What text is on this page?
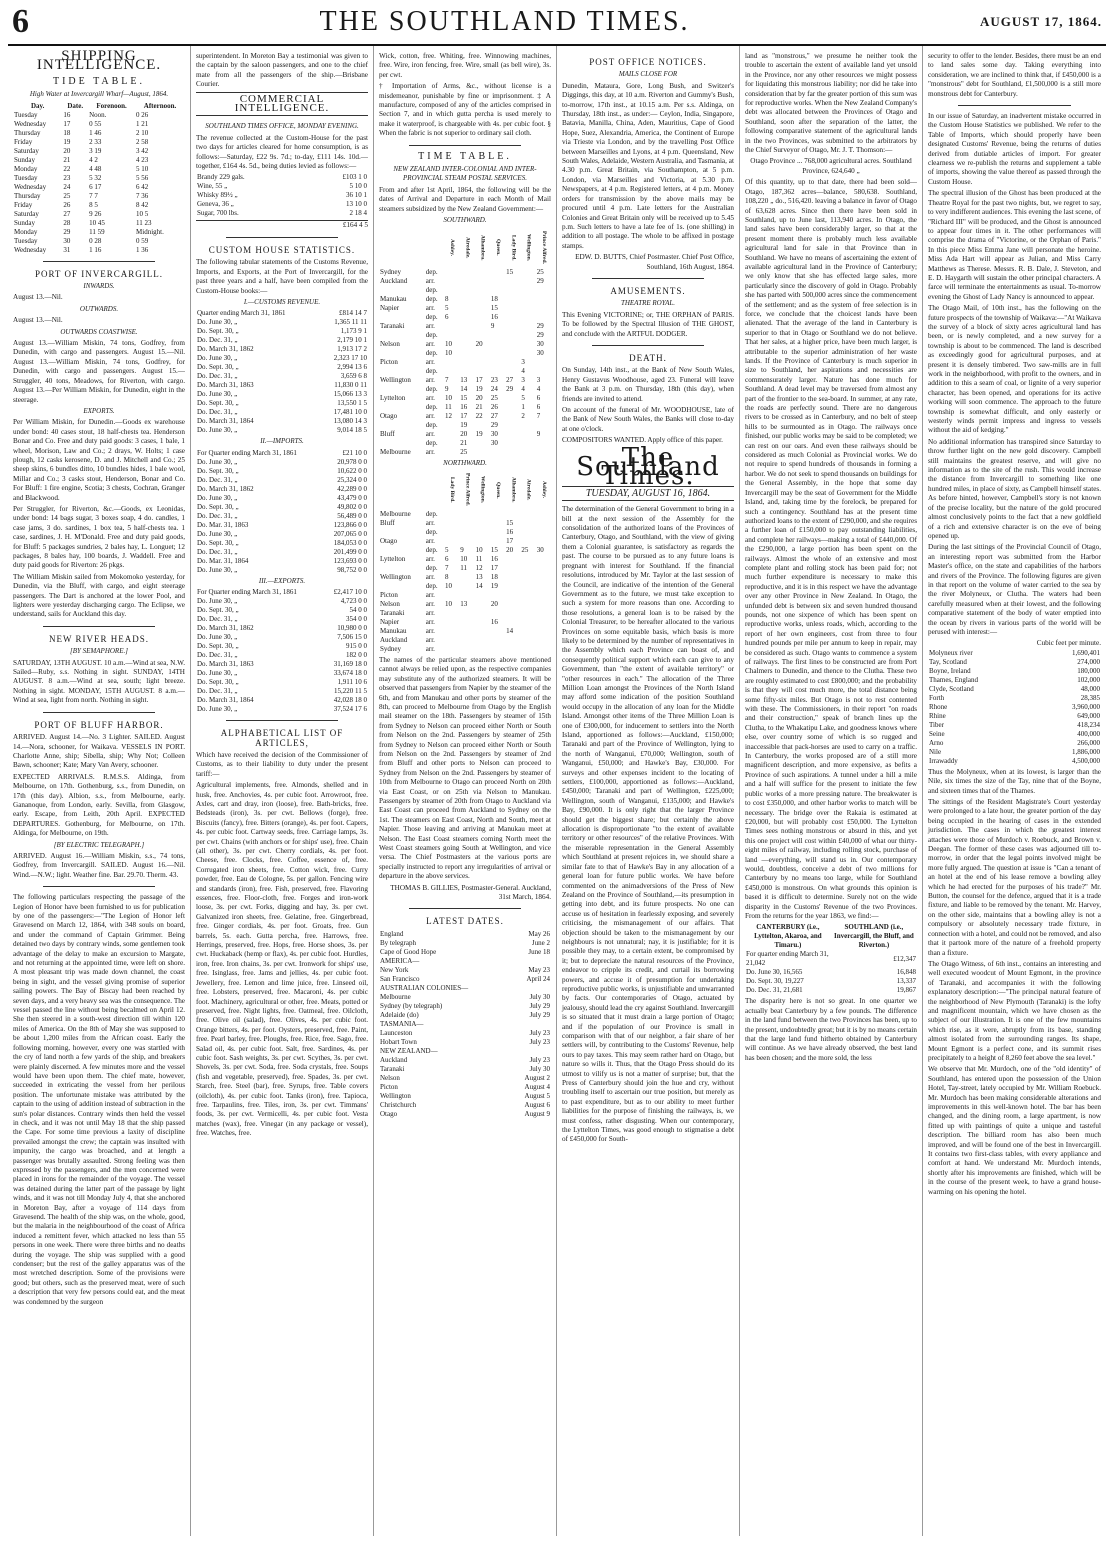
6	THE SOUTHLAND TIMES.	AUGUST 17, 1864.
SHIPPING INTELLIGENCE.
TIDE TABLE.
High Water at Invercargill Wharf—August, 1864.
Day.	Date.	Forenoon.	Afternoon.
Tuesday	16	Noon.	0 26
Wednesday	17	0 55	1 21
Thursday	18	1 46	2 10
Friday	19	2 33	2 58
Saturday	20	3 19	3 42
Sunday	21	4 2	4 23
Monday	22	4 48	5 10
Tuesday	23	5 32	5 56
Wednesday	24	6 17	6 42
Thursday	25	7 7	7 36
Friday	26	8 5	8 42
Saturday	27	9 26	10 5
Sunday	28	10 45	11 23
Monday	29	11 59	Midnight.
Tuesday	30	0 28	0 59
Wednesday	31	1 16	1 36
PORT OF INVERCARGILL.
INWARDS.
August 13.—Nil.
OUTWARDS.
August 13.—Nil.
OUTWARDS COASTWISE.
August 13.—William Miskin, 74 tons, Godfrey, from Dunedin, with cargo and passengers. August 15.—Nil. August 13.—William Miskin, 74 tons, Godfrey, for Dunedin, with cargo and passengers. August 15.—Struggler, 40 tons, Meadows, for Riverton, with cargo. August 13.—Per William Miskin, for Dunedin, eight in the steerage.
EXPORTS.
Per William Miskin, for Dunedin.—Goods ex warehouse under bond: 40 cases stout, 18 half-chests tea. Henderson Bonar and Co. Free and duty paid goods: 3 cases, 1 bale, 1 wheel, Morison, Law and Co.; 2 drays, W. Holts; 1 case plough, 12 casks kerosene, D. and J. Mitchell and Co.; 25 sheep skins, 6 bundles ditto, 10 bundles hides, 1 bale wool, Millar and Co.; 3 casks stout, Henderson, Bonar and Co. For Bluff: 1 fire engine, Scotia; 3 chests, Cochran, Granger and Blackwood.
Per Struggler, for Riverton, &c.—Goods, ex Leonidas, under bond: 14 bags sugar, 3 boxes soap, 4 do. candles, 1 case jams, 3 do. sardines, 1 box tea, 5 half-chests tea. 1 case, sardines, J. H. M'Donald. Free and duty paid goods, for Bluff: 5 packages sundries, 2 bales hay, L. Longuet; 12 packages, 8 bales hay, 100 boards, J. Waddell. Free and duty paid goods for Riverton: 26 pkgs.
The William Miskin sailed from Mokomoko yesterday, for Dunedin, via the Bluff, with cargo, and eight steerage passengers. The Dart is anchored at the lower Pool, and lighters were yesterday discharging cargo. The Eclipse, we understand, sails for Auckland this day.
NEW RIVER HEADS.
[BY SEMAPHORE.]
SATURDAY, 13TH AUGUST. 10 a.m.—Wind at sea, N.W. Sailed—Ruby, s.s. Nothing in sight. SUNDAY, 14TH AUGUST. 8 a.m.—Wind at sea, south; light breeze. Nothing in sight. MONDAY, 15TH AUGUST. 8 a.m.—Wind at sea, light from north. Nothing in sight.
PORT OF BLUFF HARBOR.
ARRIVED. August 14.—No. 3 Lighter. SAILED. August 14.—Nora, schooner, for Waikava. VESSELS IN PORT. Charlotte Anne, ship; Sibella, ship; Why Not; Colleen Bawn, schooner; Kate; Mary Van Avery, schooner.
EXPECTED ARRIVALS. R.M.S.S. Aldinga, from Melbourne, on 17th. Gothenburg, s.s., from Dunedin, on 17th (this day). Albion, s.s., from Melbourne, early. Gananoque, from London, early. Sevilla, from Glasgow, early. Escape, from Leith, 20th April. EXPECTED DEPARTURES. Gothenburg, for Melbourne, on 17th. Aldinga, for Melbourne, on 19th.
[BY ELECTRIC TELEGRAPH.]
ARRIVED. August 16.—William Miskin, s.s., 74 tons, Godfrey, from Invercargill. SAILED. August 16.—Nil. Wind.—N.W.; light. Weather fine. Bar. 29.70. Therm. 43.
The following particulars respecting the passage of the Legion of Honor have been furnished to us for publication by one of the passengers:—"The Legion of Honor left Gravesend on March 12, 1864, with 348 souls on board, and under the command of Captain Grimmer. Being detained two days by contrary winds, some gentlemen took advantage of the delay to make an excursion to Margate, and not returning at the appointed time, were left on shore. A most pleasant trip was made down channel, the coast being in sight, and the vessel giving promise of superior sailing powers. The Bay of Biscay had been reached by seven days, and a very heavy sea was the consequence. The vessel passed the line without being becalmed on April 12. She then steered in a south-west direction till within 120 miles of America. On the 8th of May she was supposed to be about 1,200 miles from the African coast. Early the following morning, however, every one was startled with the cry of land north a few yards of the ship, and breakers were plainly discerned. A few minutes more and the vessel would have been upon them. The chief mate, however, succeeded in extricating the vessel from her perilous position. The unfortunate mistake was attributed by the captain to the using of addition instead of subtraction in the sun's polar distances. Contrary winds then held the vessel in check, and it was not until May 18 that the ship passed the Cape. For some time previous a laxity of discipline prevailed amongst the crew; the captain was insulted with impunity, the cargo was broached, and at length a passenger was brutally assaulted. Strong feeling was then expressed by the passengers, and the men concerned were placed in irons for the remainder of the voyage. The vessel was detained during the latter part of the passage by light winds, and it was not till Monday July 4, that she anchored in Moreton Bay, after a voyage of 114 days from Gravesend. The health of the ship was, on the whole, good, but the malaria in the neighbourhood of the coast of Africa induced a remittent fever, which attacked no less than 55 persons in one week. There were three births and no deaths during the voyage. The ship was supplied with a good condenser; but the rest of the galley apparatus was of the most wretched description. Some of the provisions were good; but others, such as the preserved meat, were of such a description that very few persons could eat, and the meat was condemned by the surgeon
superintendent. In Moreton Bay a testimonial was given to the captain by the saloon passengers, and one to the chief mate from all the passengers of the ship.—Brisbane Courier.
COMMERCIAL INTELLIGENCE.
SOUTHLAND TIMES OFFICE, MONDAY EVENING.
The revenue collected at the Custom-House for the past two days for articles cleared for home consumption, is as follows:—Saturday, £22 9s. 7d.; to-day, £111 14s. 10d.—together, £164 4s. 5d., being duties levied as follows:—
Brandy 229 gals.	£103 1 0
Wine, 55 „	5 10 0
Whisky 89½ „	36 10 1
Geneva, 36 „	13 10 0
Sugar, 700 lbs.	2 18 4
£164 4 5
CUSTOM HOUSE STATISTICS.
The following tabular statements of the Customs Revenue, Imports, and Exports, at the Port of Invercargill, for the past three years and a half, have been compiled from the Custom-House books:—
I.—CUSTOMS REVENUE.
Quarter ending March 31, 1861	£814 14 7
Do. June 30, „	1,365 11 11
Do. Sept. 30, „	1,173 9 1
Do. Dec. 31, „	2,179 10 1
Do. March 31, 1862	1,913 17 2
Do. June 30, „	2,323 17 10
Do. Sept. 30, „	2,994 13 6
Do. Dec. 31, „	3,659 6 8
Do. March 31, 1863	11,830 0 11
Do. June 30, „	15,066 13 3
Do. Sept. 30, „	13,550 1 5
Do. Dec. 31, „	17,481 10 0
Do. March 31, 1864	13,080 14 3
Do. June 30, „	9,014 18 5
II.—IMPORTS.
For Quarter ending March 31, 1861	£21 10 0
Do. June 30, „	20,978 0 0
Do. Sept. 30, „	10,622 0 0
Do. Dec. 31, „	25,324 0 0
Do. March 31, 1862	42,289 0 0
Do. June 30, „	43,479 0 0
Do. Sept. 30, „	49,802 0 0
Do. Dec. 31, „	56,489 0 0
Do. Mar. 31, 1863	123,866 0 0
Do. June 30, „	207,065 0 0
Do. Sept. 30, „	184,053 0 0
Do. Dec. 31, „	201,499 0 0
Do. Mar. 31, 1864	123,693 0 0
Do. June 30, „	98,752 0 0
III.—EXPORTS.
For Quarter ending March 31, 1861	£2,417 10 0
Do. June 30, „	4,723 0 0
Do. Sept. 30, „	54 0 0
Do. Dec. 31, „	354 0 0
Do. March 31, 1862	10,980 0 0
Do. June 30, „	7,506 15 0
Do. Sept. 30, „	915 0 0
Do. Dec. 31, „	182 0 0
Do. March 31, 1863	31,169 18 0
Do. June 30, „	33,674 18 0
Do. Sept. 30, „	1,911 10 6
Do. Dec. 31, „	15,220 11 5
Do. March 31, 1864	42,028 18 0
Do. June 30, „	37,524 17 6
ALPHABETICAL LIST OF ARTICLES,
Which have received the decision of the Commissioner of Customs, as to their liability to duty under the present tariff:—
Agricultural implements, free. Almonds, shelled and in husk, free. Anchovies, 4s. per cubic foot. Arrowroot, free. Axles, cart and dray, iron (loose), free. Bath-bricks, free. Bedsteads (iron), 3s. per cwt. Bellows (forge), free. Biscuits (fancy), free. Bitters (orange), 4s. per foot. Capers, 4s. per cubic foot. Cartway seeds, free. Carriage lamps, 3s. per cwt. Chains (with anchors or for ships' use), free. Chain (all other), 3s. per cwt. Cherry cordials, 4s. per foot. Cheese, free. Clocks, free. Coffee, essence of, free. Corrugated iron sheets, free. Cotton wick, free. Curry powder, free. Eau de Cologne, 5s. per gallon. Fencing wire and standards (iron), free. Fish, preserved, free. Flavoring essences, free. Floor-cloth, free. Forges and iron-work loose, 3s. per cwt. Forks, digging and hay, 3s. per cwt. Galvanized iron sheets, free. Gelatine, free. Gingerbread, free. Ginger cordials, 4s. per foot. Groats, free. Gun barrels, 5s. each. Gutta percha, free. Harrows, free. Herrings, preserved, free. Hops, free. Horse shoes, 3s. per cwt. Huckaback (hemp or flax), 4s. per cubic foot. Hurdles, iron, free. Iron chains, 3s. per cwt. Ironwork for ships' use, free. Isinglass, free. Jams and jellies, 4s. per cubic foot. Jewellery, free. Lemon and lime juice, free. Linseed oil, free. Lobsters, preserved, free. Macaroni, 4s. per cubic foot. Machinery, agricultural or other, free. Meats, potted or preserved, free. Night lights, free. Oatmeal, free. Oilcloth, free. Olive oil (salad), free. Olives, 4s. per cubic foot. Orange bitters, 4s. per foot. Oysters, preserved, free. Paint, free. Pearl barley, free. Ploughs, free. Rice, free. Sago, free. Salad oil, 4s. per cubic foot. Salt, free. Sardines, 4s. per cubic foot. Sash weights, 3s. per cwt. Scythes, 3s. per cwt. Shovels, 3s. per cwt. Soda, free. Soda crystals, free. Soups (fish and vegetable, preserved), free. Spades, 3s. per cwt. Starch, free. Steel (bar), free. Syrups, free. Table covers (oilcloth), 4s. per cubic foot. Tanks (iron), free. Tapioca, free. Tarpaulins, free. Tiles, iron, 3s. per cwt. Timmans' foods, 3s. per cwt. Vermicelli, 4s. per cubic foot. Vesta matches (wax), free. Vinegar (in any package or vessel), free. Watches, free.
Wick, cotton, free. Whiting, free. Winnowing machines, free. Wire, iron fencing, free. Wire, small (as bell wire), 3s. per cwt.
† Importation of Arms, &c., without license is a misdemeanor, punishable by fine or imprisonment. ‡ A manufacture, composed of any of the articles comprised in Section 7, and in which gutta percha is used merely to make it waterproof, is chargeable with 4s. per cubic foot. § When the fabric is not superior to ordinary sail cloth.
TIME TABLE.
NEW ZEALAND INTER-COLONIAL AND INTER-PROVINCIAL STEAM POSTAL SERVICES.
From and after 1st April, 1864, the following will be the dates of Arrival and Departure in each Month of Mail steamers subsidized by the New Zealand Government:—
SOUTHWARD.
		Ashley.	Airedale.	Alhambra.	Queen.	Lady Bird.	Wellington.	Prince Alfred.
Sydney	dep.					15		25
Auckland	arr.							29
	dep.							
Manukau	dep.	8			18			
Napier	arr.	5			15			
	dep.	6			16			
Taranaki	arr.				9			29
	dep.							29
Nelson	arr.	10		20				30
	dep.	10						30
Picton	arr.						3	
	dep.						4	
Wellington	arr.	7	13	17	23	27	3	3
	dep.	9	14	19	24	29	4	4
Lyttelton	arr.	10	15	20	25		5	6
	dep.	11	16	21	26		1	6
Otago	arr.	12	17	22	27		2	7
	dep.		19		29			
Bluff	arr.		20	19	30			9
	dep.		21		30			
Melbourne	arr.		25					
NORTHWARD.
		Lady Bird.	Prince Alfred.	Wellington.	Queen.	Alhambra.	Airedale.	Ashley.
Melbourne	dep.							
Bluff	arr.					15		
	dep.					16		
Otago	arr.					17		
	dep.	5	9	10	15	20	25	30
Lyttelton	arr.	6	10	11	16			
	dep.	7	11	12	17			
Wellington	arr.	8		13	18			
	dep.	10		14	19			
Picton	arr.							
Nelson	arr.	10	13		20			
Taranaki	arr.							
Napier	arr.				16			
Manukau	arr.					14		
Auckland	arr.							
Sydney	arr.							
The names of the particular steamers above mentioned cannot always be relied upon, as the respective companies may substitute any of the authorized steamers. It will be observed that passengers from Napier by the steamer of the 6th, and from Manukau and other ports by steamer of the 8th, can proceed to Melbourne from Otago by the English mail steamer on the 18th. Passengers by steamer of 15th from Sydney to Nelson can proceed either North or South from Nelson on the 2nd. Passengers by steamer of 25th from Sydney to Nelson can proceed either North or South from Nelson on the 2nd. Passengers by steamer of 2nd from Bluff and other ports to Nelson can proceed to Sydney from Nelson on the 2nd. Passengers by steamer of 10th from Melbourne to Otago can proceed North on 20th via East Coast, or on 25th via Nelson to Manukau. Passengers by steamer of 20th from Otago to Auckland via East Coast can proceed from Auckland to Sydney on the 1st. The steamers on East Coast, North and South, meet at Napier. Those leaving and arriving at Manukau meet at Nelson. The East Coast steamers coming North meet the West Coast steamers going South at Wellington, and vice versa. The Chief Postmasters at the various ports are specially instructed to report any irregularities of arrival or departure in the above services.
THOMAS B. GILLIES, Postmaster-General. Auckland, 31st March, 1864.
LATEST DATES.
England	May 26
By telegraph	June 2
Cape of Good Hope	June 18
AMERICA—	
New York	May 23
San Francisco	April 24
AUSTRALIAN COLONIES—	
Melbourne	July 30
Sydney (by telegraph)	July 29
Adelaide (do)	July 29
TASMANIA—	
Launceston	July 23
Hobart Town	July 23
NEW ZEALAND—	
Auckland	July 23
Taranaki	July 30
Nelson	August 2
Picton	August 4
Wellington	August 5
Christchurch	August 6
Otago	August 9
POST OFFICE NOTICES.
MAILS CLOSE FOR
Dunedin, Mataura, Gore, Long Bush, and Switzer's Diggings, this day, at 10 a.m. Riverton and Gummy's Bush, to-morrow, 17th inst., at 10.15 a.m. Per s.s. Aldinga, on Thursday, 18th inst., as under:— Ceylon, India, Singapore, Batavia, Manilla, China, Aden, Mauritius, Cape of Good Hope, Suez, Alexandria, America, the Continent of Europe via Trieste via London, and by the travelling Post Office between Marseilles and Lyons, at 4 p.m. Queensland, New South Wales, Adelaide, Western Australia, and Tasmania, at 4.30 p.m. Great Britain, via Southampton, at 5 p.m. London, via Marseilles and Victoria, at 5.30 p.m. Newspapers, at 4 p.m. Registered letters, at 4 p.m. Money orders for transmission by the above mails may be procured until 4 p.m. Late letters for the Australian Colonies and Great Britain only will be received up to 5.45 p.m. Such letters to have a late fee of 1s. (one shilling) in addition to all postage. The whole to be affixed in postage stamps.
EDW. D. BUTTS, Chief Postmaster. Chief Post Office, Southland, 16th August, 1864.
AMUSEMENTS.
THEATRE ROYAL.
This Evening VICTORINE; or, THE ORPHAN of PARIS. To be followed by the Spectral Illusion of THE GHOST, and conclude with the ARTFUL DODGER.
DEATH.
On Sunday, 14th inst., at the Bank of New South Wales, Henry Gustavus Woodhouse, aged 23. Funeral will leave the Bank at 3 p.m. on Thursday, 18th (this day), when friends are invited to attend.
On account of the funeral of Mr. WOODHOUSE, late of the Bank of New South Wales, the Banks will close to-day at one o'clock.
COMPOSITORS WANTED. Apply office of this paper.
The Southland Times.
TUESDAY, AUGUST 16, 1864.
The determination of the General Government to bring in a bill at the next session of the Assembly for the consolidation of the authorized loans of the Provinces of Canterbury, Otago, and Southland, with the view of giving them a Colonial guarantee, is satisfactory as regards the past. The course to be pursued as to any future loans is pregnant with interest for Southland. If the financial resolutions, introduced by Mr. Taylor at the last session of the Council, are indicative of the intention of the General Government as to the future, we must take exception to such a system for more reasons than one. According to those resolutions, a general loan is to be raised by the Colonial Treasurer, to be hereafter allocated to the various Provinces on some equitable basis, which basis is more likely to be determined by the number of representatives in the Assembly which each Province can boast of, and consequently political support which each can give to any Government, than "the extent of available territory" or "other resources in each." The allocation of the Three Million Loan amongst the Provinces of the North Island may afford some indication of the position Southland would occupy in the allocation of any loan for the Middle Island. Amongst other items of the Three Million Loan is one of £300,000, for inducement to settlers into the North Island, apportioned as follows:—Auckland, £150,000; Taranaki and part of the Province of Wellington, lying to the north of Wanganui, £70,000; Wellington, south of Wanganui, £50,000; and Hawke's Bay, £30,000. For surveys and other expenses incident to the locating of settlers, £100,000, apportioned as follows:—Auckland, £450,000; Taranaki and part of Wellington, £225,000; Wellington, south of Wanganui, £135,000; and Hawke's Bay, £90,000. It is only right that the larger Province should get the biggest share; but certainly the above allocation is disproportionate "to the extent of available territory or other resources" of the relative Provinces. With the miserable representation in the General Assembly which Southland at present rejoices in, we should share a similar fate to that of Hawke's Bay in any allocation of a general loan for future public works. We have before commented on the animadversions of the Press of New Zealand on the Province of Southland,—its presumption in getting into debt, and its future prospects. No one can accuse us of hesitation in fearlessly exposing, and severely criticising, the mismanagement of our affairs. That objection should be taken to the mismanagement by our neighbours is not unnatural; nay, it is justifiable; for it is possible they may, to a certain extent, be compromised by it; but to depreciate the natural resources of the Province, endeavor to cripple its credit, and curtail its borrowing powers, and accuse it of presumption for undertaking reproductive public works, is unjustifiable and unwarranted by facts. Our contemporaries of Otago, actuated by jealousy, should lead the cry against Southland. Invercargill is so situated that it must drain a large portion of Otago; and if the population of our Province is small in comparison with that of our neighbor, a fair share of her settlers will, by contributing to the Customs' Revenue, help ours to pay taxes. This may seem rather hard on Otago, but nature so wills it. Thus, that the Otago Press should do its utmost to vilify us is not a matter of surprise; but, that the Press of Canterbury should join the hue and cry, without troubling itself to ascertain our true position, but merely as to past expenditure, but as to our ability to meet further liabilities for the purpose of finishing the railways, is, we must confess, rather disgusting. When our contemporary, the Lyttelton Times, was good enough to stigmatise a debt of £450,000 for South-
land as "monstrous," we presume he neither took the trouble to ascertain the extent of available land yet unsold in the Province, nor any other resources we might possess for liquidating this monstrous liability; nor did he take into consideration that by far the greater portion of this sum was for reproductive works. When the New Zealand Company's debt was allocated between the Provinces of Otago and Southland, soon after the separation of the latter, the following comparative statement of the agricultural lands in the two Provinces, was submitted to the arbitrators by the Chief Surveyor of Otago, Mr. J. T. Thomson:—
Otago Province ... 768,000 agricultural acres. Southland Province, 624,640 „
Of this quantity, up to that date, there had been sold— Otago, 187,362 acres—balance, 580,638. Southland, 108,220 „ do., 516,420. leaving a balance in favor of Otago of 63,628 acres. Since then there have been sold in Southland, up to June last, 113,940 acres. In Otago, the land sales have been considerably larger, so that at the present moment there is probably much less available agricultural land for sale in that Province than in Southland. We have no means of ascertaining the extent of available agricultural land in the Province of Canterbury; we only know that she has effected large sales, more particularly since the discovery of gold in Otago. Probably she has parted with 500,000 acres since the commencement of the settlement; and as the system of free selection is in force, we conclude that the choicest lands have been alienated. That the average of the land in Canterbury is superior to that in Otago or Southland we do not believe. That her sales, at a higher price, have been much larger, is attributable to the superior administration of her waste lands. If the Province of Canterbury is much superior in size to Southland, her aspirations and necessities are commensurately larger. Nature has done much for Southland. A dead level may be traversed from almost any part of the frontier to the sea-board. In summer, at any rate, the roads are perfectly sound. There are no dangerous rivers to be crossed as in Canterbury, and no belt of steep hills to be surmounted as in Otago. The railways once finished, our public works may be said to be completed; we can rest on our oars. And even these railways should be considered as much Colonial as Provincial works. We do not require to spend hundreds of thousands in forming a harbor. We do not seek to spend thousands on buildings for the General Assembly, in the hope that some day Invercargill may be the seat of Government for the Middle Island, and, taking time by the forelock, be prepared for such a contingency. Southland has at the present time authorized loans to the extent of £290,000, and she requires a further loan of £150,000 to pay outstanding liabilities, and complete her railways—making a total of £440,000. Of the £290,000, a large portion has been spent on the railways. Almost the whole of an extensive and most complete plant and rolling stock has been paid for; not much further expenditure is necessary to make this reproductive, and it is in this respect we have the advantage over any other Province in New Zealand. In Otago, the unfunded debt is between six and seven hundred thousand pounds, not one sixpence of which has been spent on reproductive works, unless roads, which, according to the report of her own engineers, cost from three to four hundred pounds per mile per annum to keep in repair, may be considered as such. Otago wants to commence a system of railways. The first lines to be constructed are from Port Chalmers to Dunedin, and thence to the Clutha. These two are roughly estimated to cost £800,000; and the probability is that they will cost much more, the total distance being some fifty-six miles. But Otago is not to rest contented with these. The Commissioners, in their report "on roads and their construction," speak of branch lines up the Clutha, to the Whakatipu Lake, and goodness knows where else, over country some of which is so rugged and inaccessible that pack-horses are used to carry on a traffic. In Canterbury, the works proposed are of a still more magnificent description, and more expensive, as befits a Province of such aspirations. A tunnel under a hill a mile and a half will suffice for the present to initiate the few public works of a more pressing nature. The breakwater is to cost £350,000, and other harbor works to match will be necessary. The bridge over the Rakaia is estimated at £20,000, but will probably cost £50,000. The Lyttelton Times sees nothing monstrous or absurd in this, and yet this one project will cost within £40,000 of what our thirty-eight miles of railway, including rolling stock, purchase of land —everything, will stand us in. Our contemporary would, doubtless, conceive a debt of two millions for Canterbury by no means too large, while for Southland £450,000 is monstrous. On what grounds this opinion is based it is difficult to determine. Surely not on the wide disparity in the Customs' Revenue of the two Provinces. From the returns for the year 1863, we find:—
CANTERBURY (i.e., Lyttelton, Akaroa, and Timaru.)	SOUTHLAND (i.e., Invercargill, the Bluff, and Riverton.)
For quarter ending March 31, 21,042	£12,347
Do. June 30, 16,565	16,848
Do. Sept. 30, 19,227	13,337
Do. Dec. 31, 21,681	19,867
The disparity here is not so great. In one quarter we actually beat Canterbury by a few pounds. The difference in the land fund between the two Provinces has been, up to the present, undoubtedly great; but it is by no means certain that the large land fund hitherto obtained by Canterbury will continue. As we have already observed, the best land has been chosen; and the more sold, the less
security to offer to the lender. Besides, there must be an end to land sales some day. Taking everything into consideration, we are inclined to think that, if £450,000 is a "monstrous" debt for Southland, £1,500,000 is a still more monstrous debt for Canterbury.
In our issue of Saturday, an inadvertent mistake occurred in the Custom House Statistics we published. We refer to the Table of Imports, which should properly have been designated Customs' Revenue, being the returns of duties derived from dutiable articles of import. For greater clearness we re-publish the returns and supplement a table of imports, showing the value thereof as passed through the Custom House.
The spectral illusion of the Ghost has been produced at the Theatre Royal for the past two nights, but, we regret to say, to very indifferent audiences. This evening the last scene, of "Richard III" will be produced, and the Ghost is announced to appear four times in it. The other performances will comprise the drama of "Victorine, or the Orphan of Paris." In this piece Miss Emma Jane will personate the heroine. Miss Ada Hart will appear as Julian, and Miss Carry Matthews as Therese. Messrs. R. B. Dale, J. Steveton, and E. D. Haygarth will sustain the other principal characters. A farce will terminate the entertainments as usual. To-morrow evening the Ghost of Lady Nancy is announced to appear.
The Otago Mail, of 10th inst., has the following on the future prospects of the township of Waikava:—"At Waikava the survey of a block of sixty acres agricultural land has been, or is newly completed, and a new survey for a township is about to be commenced. The land is described as exceedingly good for agricultural purposes, and at present it is densely timbered. Two saw-mills are in full work in the neighborhood, with profit to the owners, and in addition to this a seam of coal, or lignite of a very superior character, has been opened, and operations for its active working will soon commence. The approach to the future township is somewhat difficult, and only easterly or westerly winds permit impress and ingress to vessels without the aid of kedging."
No additional information has transpired since Saturday to throw further light on the new gold discovery. Campbell still maintains the greatest reserve, and will give no information as to the site of the rush. This would increase the distance from Invercargill to something like one hundred miles, in place of sixty, as Campbell himself states. As before hinted, however, Campbell's story is not known of the precise locality, but the nature of the gold procured almost conclusively points to the fact that a new goldfield of a rich and extensive character is on the eve of being opened up.
During the last sittings of the Provincial Council of Otago, an interesting report was submitted from the Harbor Master's office, on the state and capabilities of the harbors and rivers of the Province. The following figures are given in that report on the volume of water carried to the sea by the river Molyneux, or Clutha. The waters had been carefully measured when at their lowest, and the following comparative statement of the body of water emptied into the ocean by rivers in various parts of the world will be perused with interest:—
Cubic feet per minute.
Molyneux river	1,690,401
Tay, Scotland	274,000
Boyne, Ireland	180,000
Thames, England	102,000
Clyde, Scotland	48,000
Forth	28,385
Rhone	3,960,000
Rhine	649,000
Tiber	418,234
Seine	400,000
Arno	266,000
Nile	1,886,000
Irrawaddy	4,500,000
Thus the Molyneux, when at its lowest, is larger than the Nile, six times the size of the Tay, nine that of the Boyne, and sixteen times that of the Thames.
The sittings of the Resident Magistrate's Court yesterday were prolonged to a late hour, the greater portion of the day being occupied in the hearing of cases in the extended jurisdiction. The cases in which the greatest interest attaches were those of Murdoch v. Roebuck, and Brown v. Deegan. The former of these cases was adjourned till to-morrow, in order that the legal points involved might be more fully argued. The question at issue is "Can a tenant of an hotel at the end of his lease remove a bowling alley which he had erected for the purposes of his trade?" Mr. Button, the counsel for the defence, argued that it is a trade fixture, and liable to be removed by the tenant. Mr. Harvey, on the other side, maintains that a bowling alley is not a compulsory or absolutely necessary trade fixture, in connection with a hotel, and could not be removed, and also that it partook more of the nature of a freehold property than a fixture.
The Otago Witness, of 6th inst., contains an interesting and well executed woodcut of Mount Egmont, in the province of Taranaki, and accompanies it with the following explanatory description:—"The principal natural feature of the neighborhood of New Plymouth (Taranaki) is the lofty and magnificent mountain, which we have chosen as the subject of our illustration. It is one of the few mountains which rise, as it were, abruptly from its base, standing almost isolated from the surrounding ranges. Its shape, Mount Egmont is a perfect cone, and its summit rises precipitately to a height of 8,260 feet above the sea level."
We observe that Mr. Murdoch, one of the "old identity" of Southland, has entered upon the possession of the Union Hotel, Tay-street, lately occupied by Mr. William Roebuck. Mr. Murdoch has been making considerable alterations and improvements in this well-known hotel. The bar has been changed, and the dining room, a large apartment, is now fitted up with paintings of quite a unique and tasteful description. The billiard room has also been much improved, and will be found one of the best in Invercargill. It contains two first-class tables, with every appliance and comfort at hand. We understand Mr. Murdoch intends, shortly after his improvements are finished, which will be in the course of the present week, to have a grand house-warming on his opening the hotel.
